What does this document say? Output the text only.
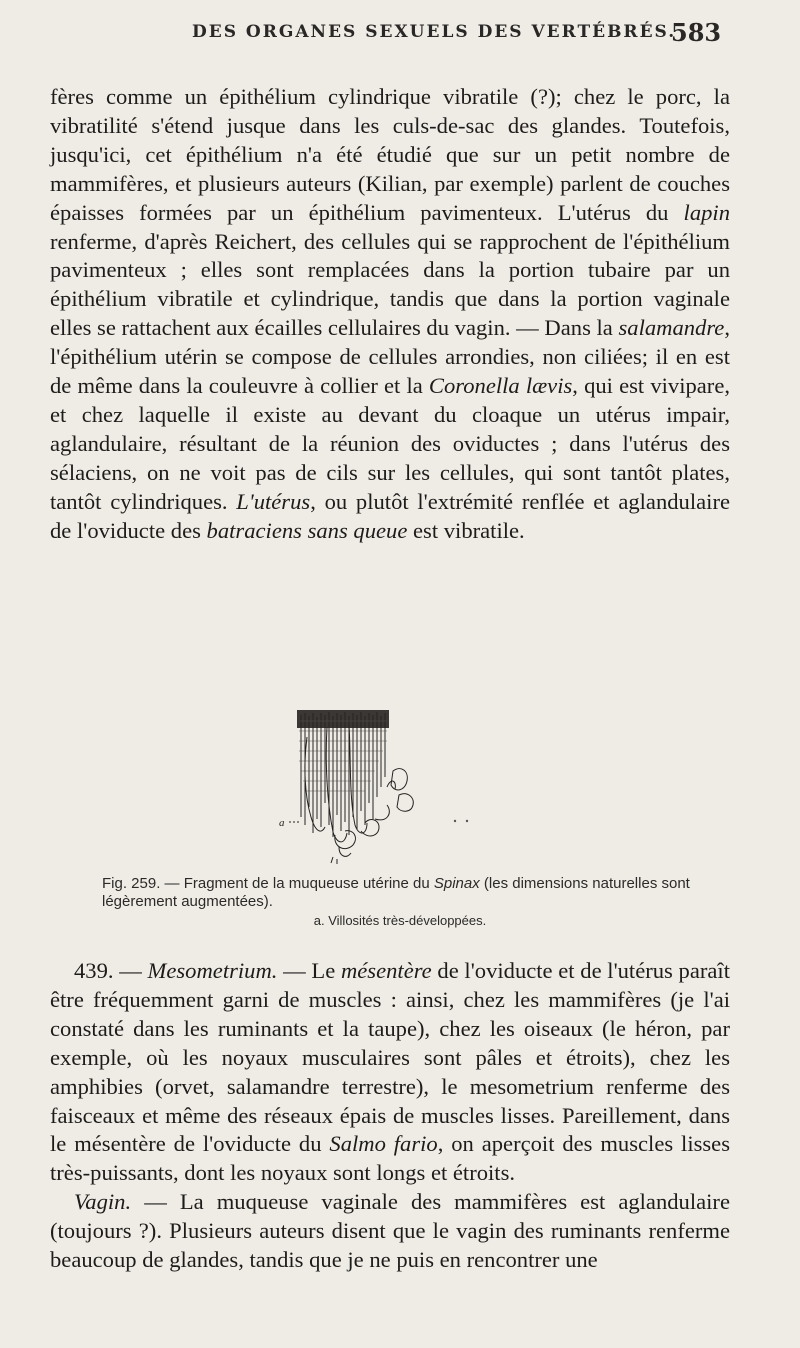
DES ORGANES SEXUELS DES VERTÉBRÉS.
583
fères comme un épithélium cylindrique vibratile (?); chez le porc, la vibratilité s'étend jusque dans les culs-de-sac des glandes. Toutefois, jusqu'ici, cet épithélium n'a été étudié que sur un petit nombre de mammifères, et plusieurs auteurs (Kilian, par exemple) parlent de couches épaisses formées par un épithélium pavimenteux. L'utérus du lapin renferme, d'après Reichert, des cellules qui se rapprochent de l'épithélium pavimenteux ; elles sont remplacées dans la portion tubaire par un épithélium vibratile et cylindrique, tandis que dans la portion vaginale elles se rattachent aux écailles cellulaires du vagin. — Dans la salamandre, l'épithélium utérin se compose de cellules arrondies, non ciliées; il en est de même dans la couleuvre à collier et la Coronella lævis, qui est vivipare, et chez laquelle il existe au devant du cloaque un utérus impair, aglandulaire, résultant de la réunion des oviductes ; dans l'utérus des sélaciens, on ne voit pas de cils sur les cellules, qui sont tantôt plates, tantôt cylindriques. L'utérus, ou plutôt l'extrémité renflée et aglandulaire de l'oviducte des batraciens sans queue est vibratile.
a
Fig. 259. — Fragment de la muqueuse utérine du Spinax (les dimensions naturelles sont légèrement augmentées).
a. Villosités très-développées.
439. — Mesometrium. — Le mésentère de l'oviducte et de l'utérus paraît être fréquemment garni de muscles : ainsi, chez les mammifères (je l'ai constaté dans les ruminants et la taupe), chez les oiseaux (le héron, par exemple, où les noyaux musculaires sont pâles et étroits), chez les amphibies (orvet, salamandre terrestre), le mesometrium renferme des faisceaux et même des réseaux épais de muscles lisses. Pareillement, dans le mésentère de l'oviducte du Salmo fario, on aperçoit des muscles lisses très-puissants, dont les noyaux sont longs et étroits.
Vagin. — La muqueuse vaginale des mammifères est aglandulaire (toujours ?). Plusieurs auteurs disent que le vagin des ruminants renferme beaucoup de glandes, tandis que je ne puis en rencontrer une
